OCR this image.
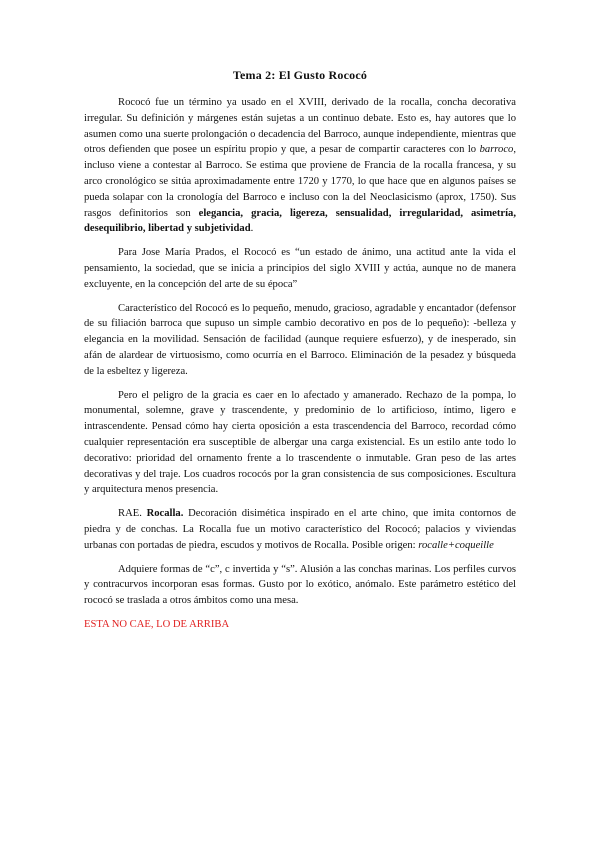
Tema 2: El Gusto Rococó

Rococó fue un término ya usado en el XVIII, derivado de la rocalla, concha decorativa irregular. Su definición y márgenes están sujetas a un continuo debate. Esto es, hay autores que lo asumen como una suerte prolongación o decadencia del Barroco, aunque independiente, mientras que otros defienden que posee un espíritu propio y que, a pesar de compartir caracteres con lo barroco, incluso viene a contestar al Barroco. Se estima que proviene de Francia de la rocalla francesa, y su arco cronológico se sitúa aproximadamente entre 1720 y 1770, lo que hace que en algunos países se pueda solapar con la cronología del Barroco e incluso con la del Neoclasicismo (aprox, 1750). Sus rasgos definitorios son elegancia, gracia, ligereza, sensualidad, irregularidad, asimetría, desequilibrio, libertad y subjetividad.

Para Jose María Prados, el Rococó es “un estado de ánimo, una actitud ante la vida el pensamiento, la sociedad, que se inicia a principios del siglo XVIII y actúa, aunque no de manera excluyente, en la concepción del arte de su época”

Característico del Rococó es lo pequeño, menudo, gracioso, agradable y encantador (defensor de su filiación barroca que supuso un simple cambio decorativo en pos de lo pequeño): -belleza y elegancia en la movilidad. Sensación de facilidad (aunque requiere esfuerzo), y de inesperado, sin afán de alardear de virtuosismo, como ocurría en el Barroco. Eliminación de la pesadez y búsqueda de la esbeltez y ligereza.

Pero el peligro de la gracia es caer en lo afectado y amanerado. Rechazo de la pompa, lo monumental, solemne, grave y trascendente, y predominio de lo artificioso, íntimo, ligero e intrascendente. Pensad cómo hay cierta oposición a esta trascendencia del Barroco, recordad cómo cualquier representación era susceptible de albergar una carga existencial. Es un estilo ante todo lo decorativo: prioridad del ornamento frente a lo trascendente o inmutable. Gran peso de las artes decorativas y del traje. Los cuadros rococós por la gran consistencia de sus composiciones. Escultura y arquitectura menos presencia.

RAE. Rocalla. Decoración disimética inspirado en el arte chino, que imita contornos de piedra y de conchas. La Rocalla fue un motivo característico del Rococó; palacios y viviendas urbanas con portadas de piedra, escudos y motivos de Rocalla. Posible origen: rocalle+coqueille

Adquiere formas de “c”, c invertida y “s”. Alusión a las conchas marinas. Los perfiles curvos y contracurvos incorporan esas formas. Gusto por lo exótico, anómalo. Este parámetro estético del rococó se traslada a otros ámbitos como una mesa.

ESTA NO CAE, LO DE ARRIBA
